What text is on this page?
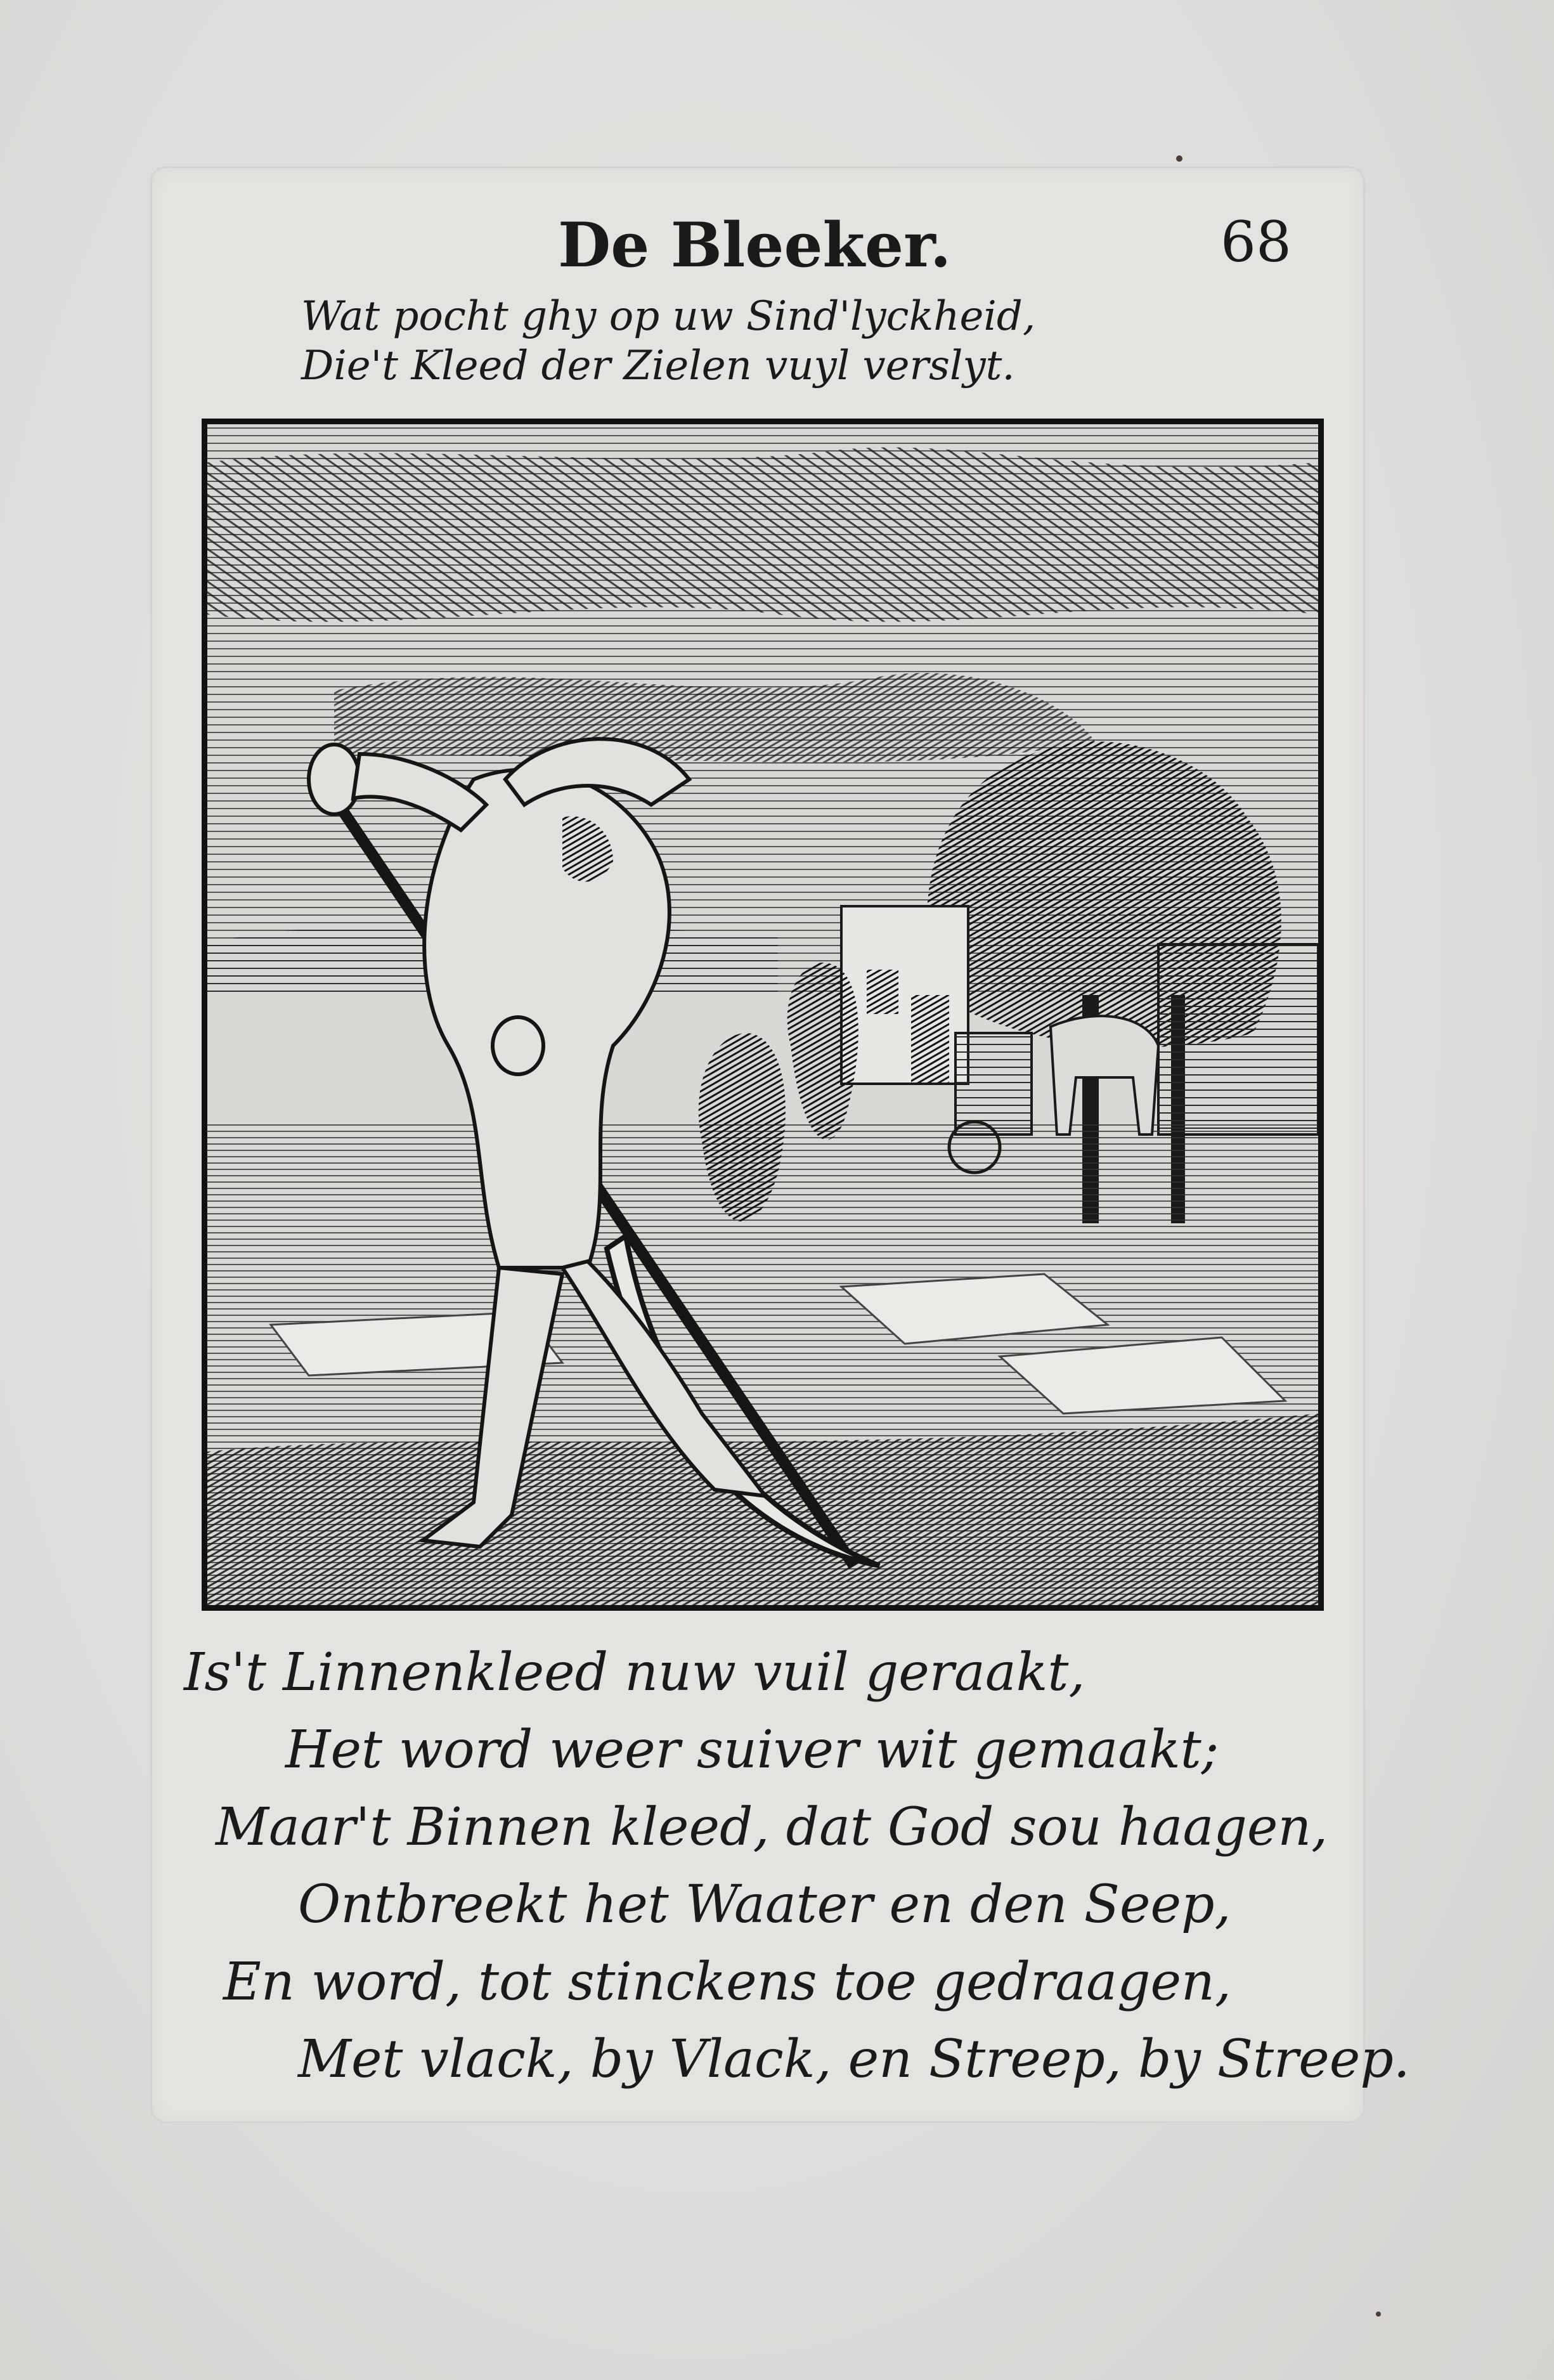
De Bleeker.	68

Wat pocht ghy op uw Sind'lyckheid,

Die't Kleed der Zielen vuyl verslyt.

Is't Linnenkleed nuw vuil geraakt,

Het word weer suiver wit gemaakt;

Maar't Binnen kleed, dat God sou haagen,

Ontbreekt het Waater en den Seep,

En word, tot stinckens toe gedraagen,

Met vlack, by Vlack, en Streep, by Streep.
